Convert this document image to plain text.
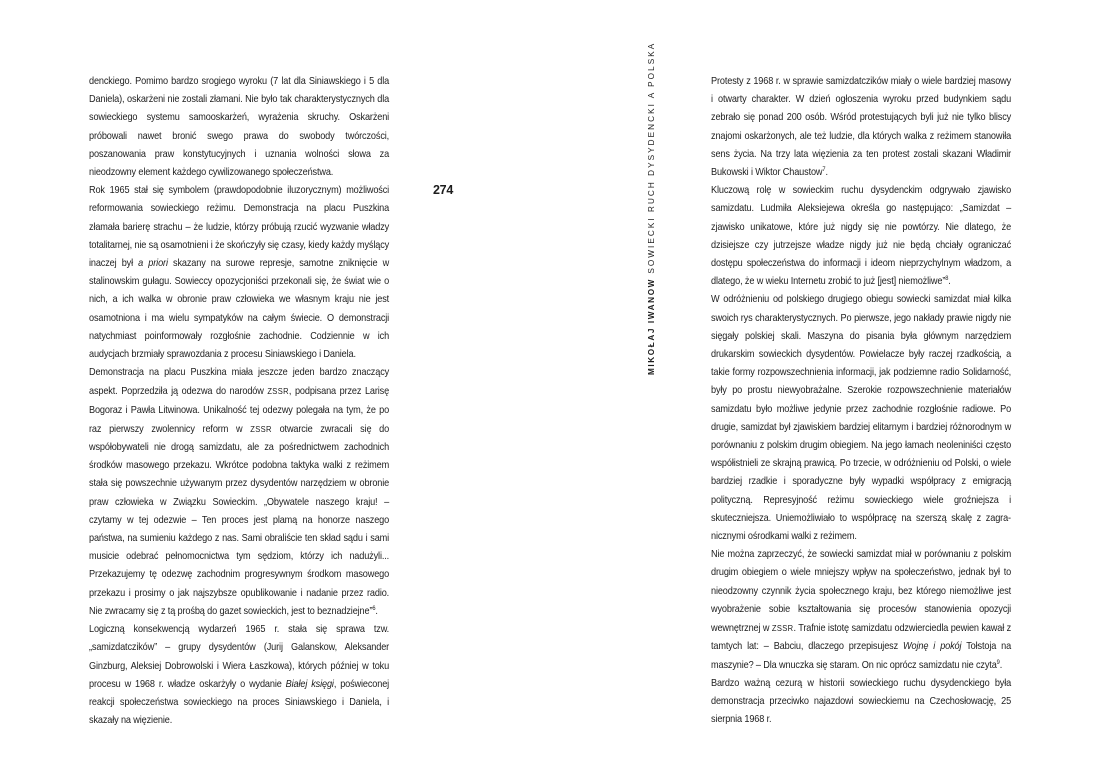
denckiego. Pomimo bardzo srogiego wyroku (7 lat dla Siniawskiego i 5 dla Daniela), oskarżeni nie zostali złamani. Nie było tak charakterystycznych dla sowieckiego systemu samooskarżeń, wyrażenia skruchy. Oskarżeni próbowali nawet bronić swego prawa do swobody twórczości, poszanowania praw konstytucyjnych i uznania wolności słowa za nieodzowny element każdego cywilizowanego społeczeństwa.

Rok 1965 stał się symbolem (prawdopodobnie iluzorycznym) możliwości reformowania sowieckiego reżimu. Demonstracja na placu Puszkina złamała barierę strachu – że ludzie, którzy próbują rzucić wyzwanie władzy totalitarnej, nie są osamotnieni i że skończyły się czasy, kiedy każdy myślący inaczej był a priori skazany na surowe represje, samotne zniknięcie w stalinowskim gułagu. Sowieccy opozycjoniści przekonali się, że świat wie o nich, a ich walka w obronie praw człowieka we własnym kraju nie jest osamotniona i ma wielu sympatyków na całym świecie. O demonstracji natychmiast poinformowały rozgłośnie zachodnie. Codziennie w ich audycjach brzmiały sprawozdania z procesu Siniawskiego i Daniela.

Demonstracja na placu Puszkina miała jeszcze jeden bardzo znaczący aspekt. Poprzedziła ją odezwa do narodów ZSSR, podpisana przez Larisę Bogoraz i Pawła Litwinowa. Unikalność tej odezwy polegała na tym, że po raz pierwszy zwolennicy reform w ZSSR otwarcie zwracali się do współobywateli nie drogą samizdatu, ale za pośrednictwem zachodnich środków masowego przekazu. Wkrótce podobna taktyka walki z reżimem stała się powszechnie używanym przez dysydentów narzędziem w obronie praw człowieka w Związku Sowieckim. „Obywatele naszego kraju! – czytamy w tej odezwie – Ten proces jest plamą na honorze naszego państwa, na sumieniu każdego z nas. Sami obraliście ten skład sądu i sami musicie odebrać pełnomocnictwa tym sędziom, którzy ich nadużyli... Przekazujemy tę odezwę zachodnim progresywnym środkom masowego przekazu i prosimy o jak najszybsze opublikowanie i nadanie przez radio. Nie zwracamy się z tą prośbą do gazet sowieckich, jest to beznadziejne”$^6$.

Logiczną konsekwencją wydarzeń 1965 r. stała się sprawa tzw. „samizdatczików” – grupy dysydentów (Jurij Galanskow, Aleksander Ginzburg, Aleksiej Dobrowolski i Wiera Łaszkowa), których później w toku procesu w 1968 r. władze oskarżyły o wydanie Białej księgi, poświeconej reakcji społeczeństwa sowieckiego na proces Siniawskiego i Daniela, i skazały na więzienie.

274
MIKOŁAJ IWANOW SOWIECKI RUCH DYSYDENCKI A POLSKA	Protesty z 1968 r. w sprawie samizdatczików miały o wiele bardziej masowy i otwarty charakter. W dzień ogłoszenia wyroku przed budynkiem sądu zebrało się ponad 200 osób. Wśród protestujących byli już nie tylko bliscy znajomi oskarżonych, ale też ludzie, dla których walka z reżimem stanowiła sens życia. Na trzy lata więzienia za ten protest zostali skazani Władimir Bukowski i Wiktor Chaustow$^7$.

Kluczową rolę w sowieckim ruchu dysydenckim odgrywało zjawisko samizdatu. Ludmiła Aleksiejewa określa go następująco: „Samizdat – zjawisko unikatowe, które już nigdy się nie powtórzy. Nie dlatego, że dzisiejsze czy jutrzejsze władze nigdy już nie będą chciały ograniczać dostępu społeczeństwa do informacji i ideom nieprzychylnym władzom, a dlatego, że w wieku Internetu zrobić to już [jest] niemożliwe”$^8$.

W odróżnieniu od polskiego drugiego obiegu sowiecki samizdat miał kilka swoich rys charakterystycznych. Po pierwsze, jego nakłady prawie nigdy nie sięgały polskiej skali. Maszyna do pisania była głównym narzędziem drukarskim sowieckich dysydentów. Powielacze były raczej rzadkością, a takie formy rozpowszechnienia informacji, jak podziemne radio Solidarność, były po prostu niewyobrażalne. Szerokie rozpowszechnienie materiałów samizdatu było możliwe jedynie przez zachodnie rozgłośnie radiowe. Po drugie, samizdat był zjawiskiem bardziej elitarnym i bardziej różnorodnym w porównaniu z polskim drugim obiegiem. Na jego łamach neoleniniści często współistnieli ze skrajną prawicą. Po trzecie, w odróżnieniu od Polski, o wiele bardziej rzadkie i sporadyczne były wypadki współpracy z emigracją polityczną. Represyjność reżimu sowieckiego wiele groźniejsza i skuteczniejsza. Uniemożliwiało to współpracę na szerszą skalę z zagranicznymi ośrodkami walki z reżimem.

Nie można zaprzeczyć, że sowiecki samizdat miał w porównaniu z polskim drugim obiegiem o wiele mniejszy wpływ na społeczeństwo, jednak był to nieodzowny czynnik życia społecznego kraju, bez którego niemożliwe jest wyobrażenie sobie kształtowania się procesów stanowienia opozycji wewnętrznej w ZSSR. Trafnie istotę samizdatu odzwierciedla pewien kawał z tamtych lat: – Babciu, dlaczego przepisujesz Wojnę i pokój Tołstoja na maszynie? – Dla wnuczka się staram. On nic oprócz samizdatu nie czyta$^9$.

Bardzo ważną cezurą w historii sowieckiego ruchu dysydenckiego była demonstracja przeciwko najazdowi sowieckiemu na Czechosłowację, 25 sierpnia 1968 r.
